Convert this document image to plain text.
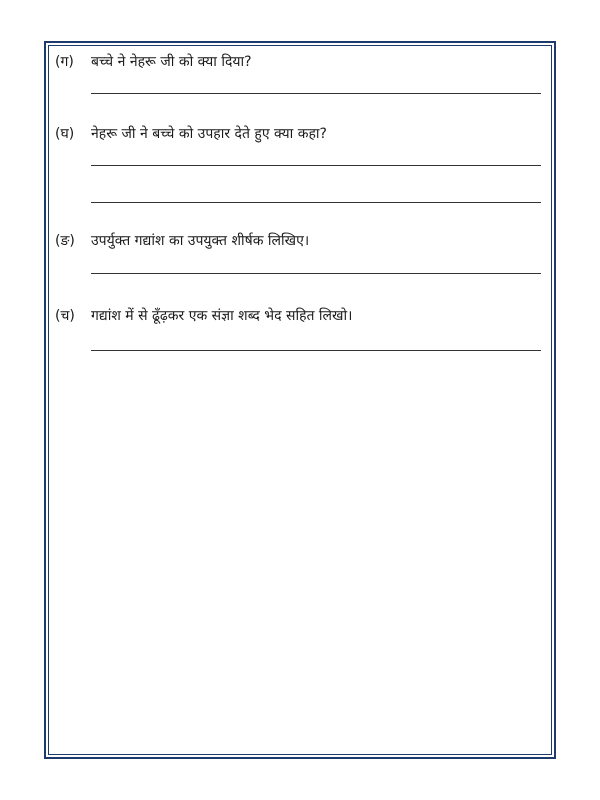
(ग) बच्चे ने नेहरू जी को क्या दिया?
(घ) नेहरू जी ने बच्चे को उपहार देते हुए क्या कहा?
(ङ) उपर्युक्त गद्यांश का उपयुक्त शीर्षक लिखिए।
(च) गद्यांश में से ढूँढ़कर एक संज्ञा शब्द भेद सहित लिखो।
